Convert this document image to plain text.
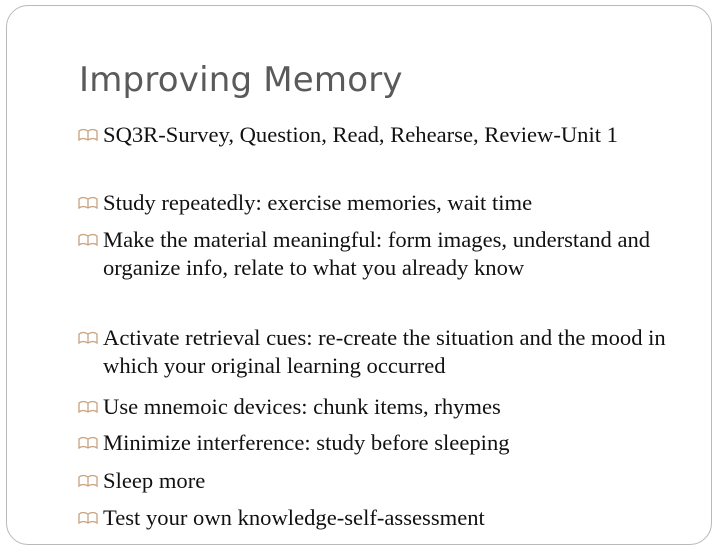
Improving Memory
SQ3R-Survey, Question, Read, Rehearse, Review-Unit 1
Study repeatedly: exercise memories, wait time
Make the material meaningful: form images, understand and organize info, relate to what you already know
Activate retrieval cues: re-create the situation and the mood in which your original learning occurred
Use mnemoic devices: chunk items, rhymes
Minimize interference: study before sleeping
Sleep more
Test your own knowledge-self-assessment
